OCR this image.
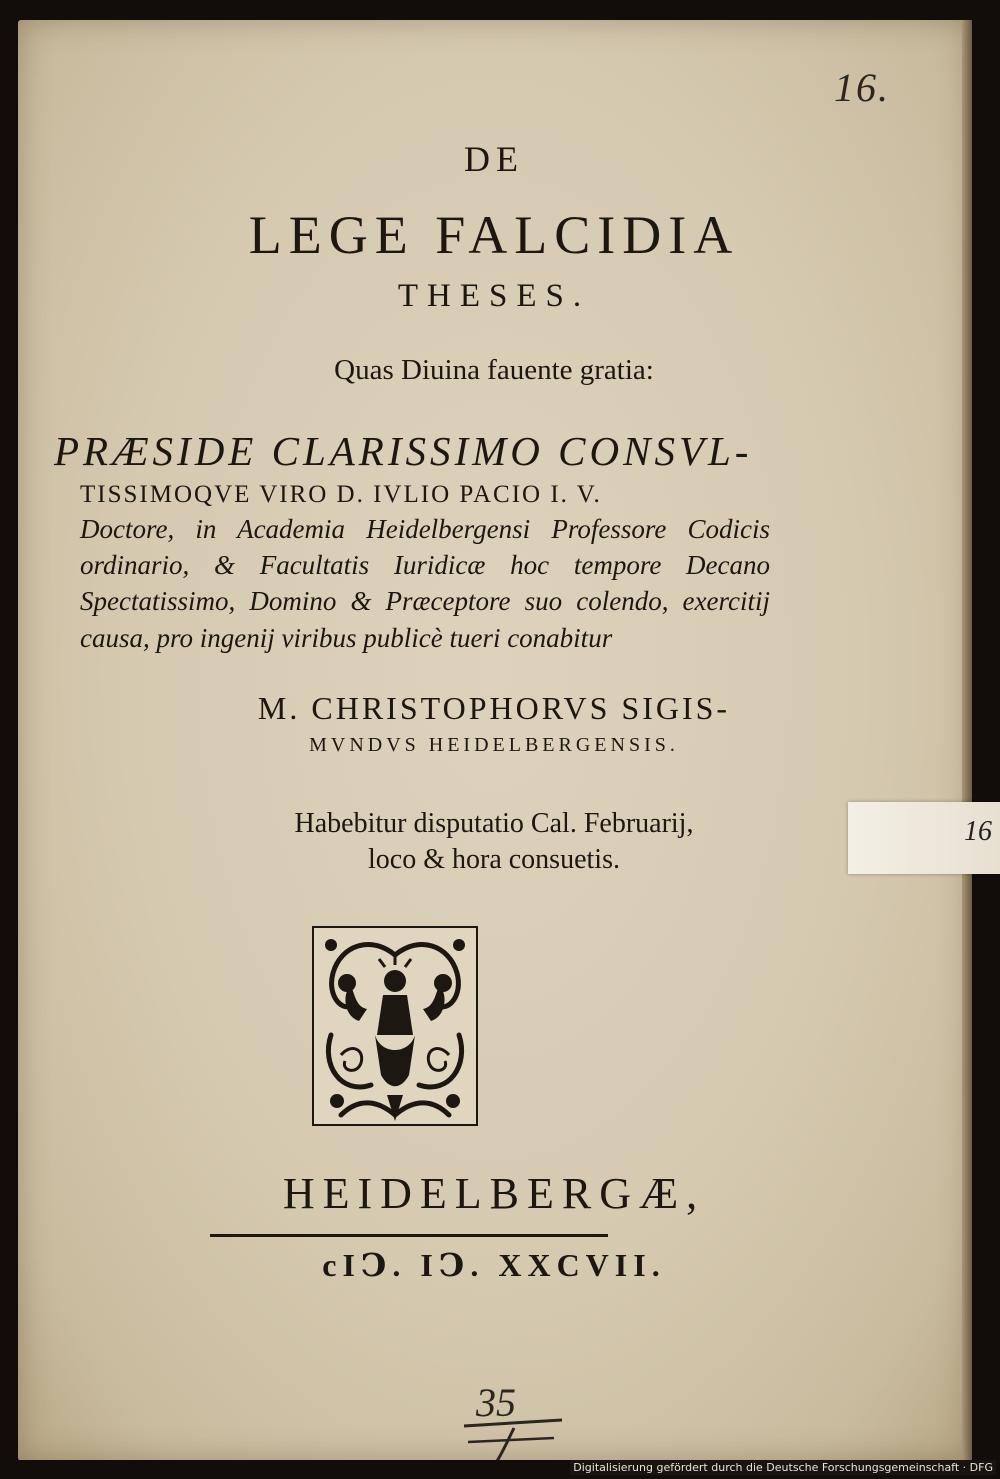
16.
DE
LEGE FALCIDIA
THESES.
Quas Diuina fauente gratia:
PRÆSIDE CLARISSIMO CONSVL-
TISSIMOQVE VIRO D. IVLIO PACIO I. V.
Doctore, in Academia Heidelbergensi Professore Codicis ordinario, & Facultatis Iuridicæ hoc tempore Decano Spectatissimo, Domino & Præceptore suo colendo, exercitij causa, pro ingenij viribus publicè tueri conabitur
M. CHRISTOPHORVS SIGIS-
MVNDVS HEIDELBERGENSIS.
Habebitur disputatio Cal. Februarij,
loco & hora consuetis.
HEIDELBERGÆ,
cIↃ. IↃ. XXCVII.
35
16
Digitalisierung gefördert durch die Deutsche Forschungsgemeinschaft · DFG
